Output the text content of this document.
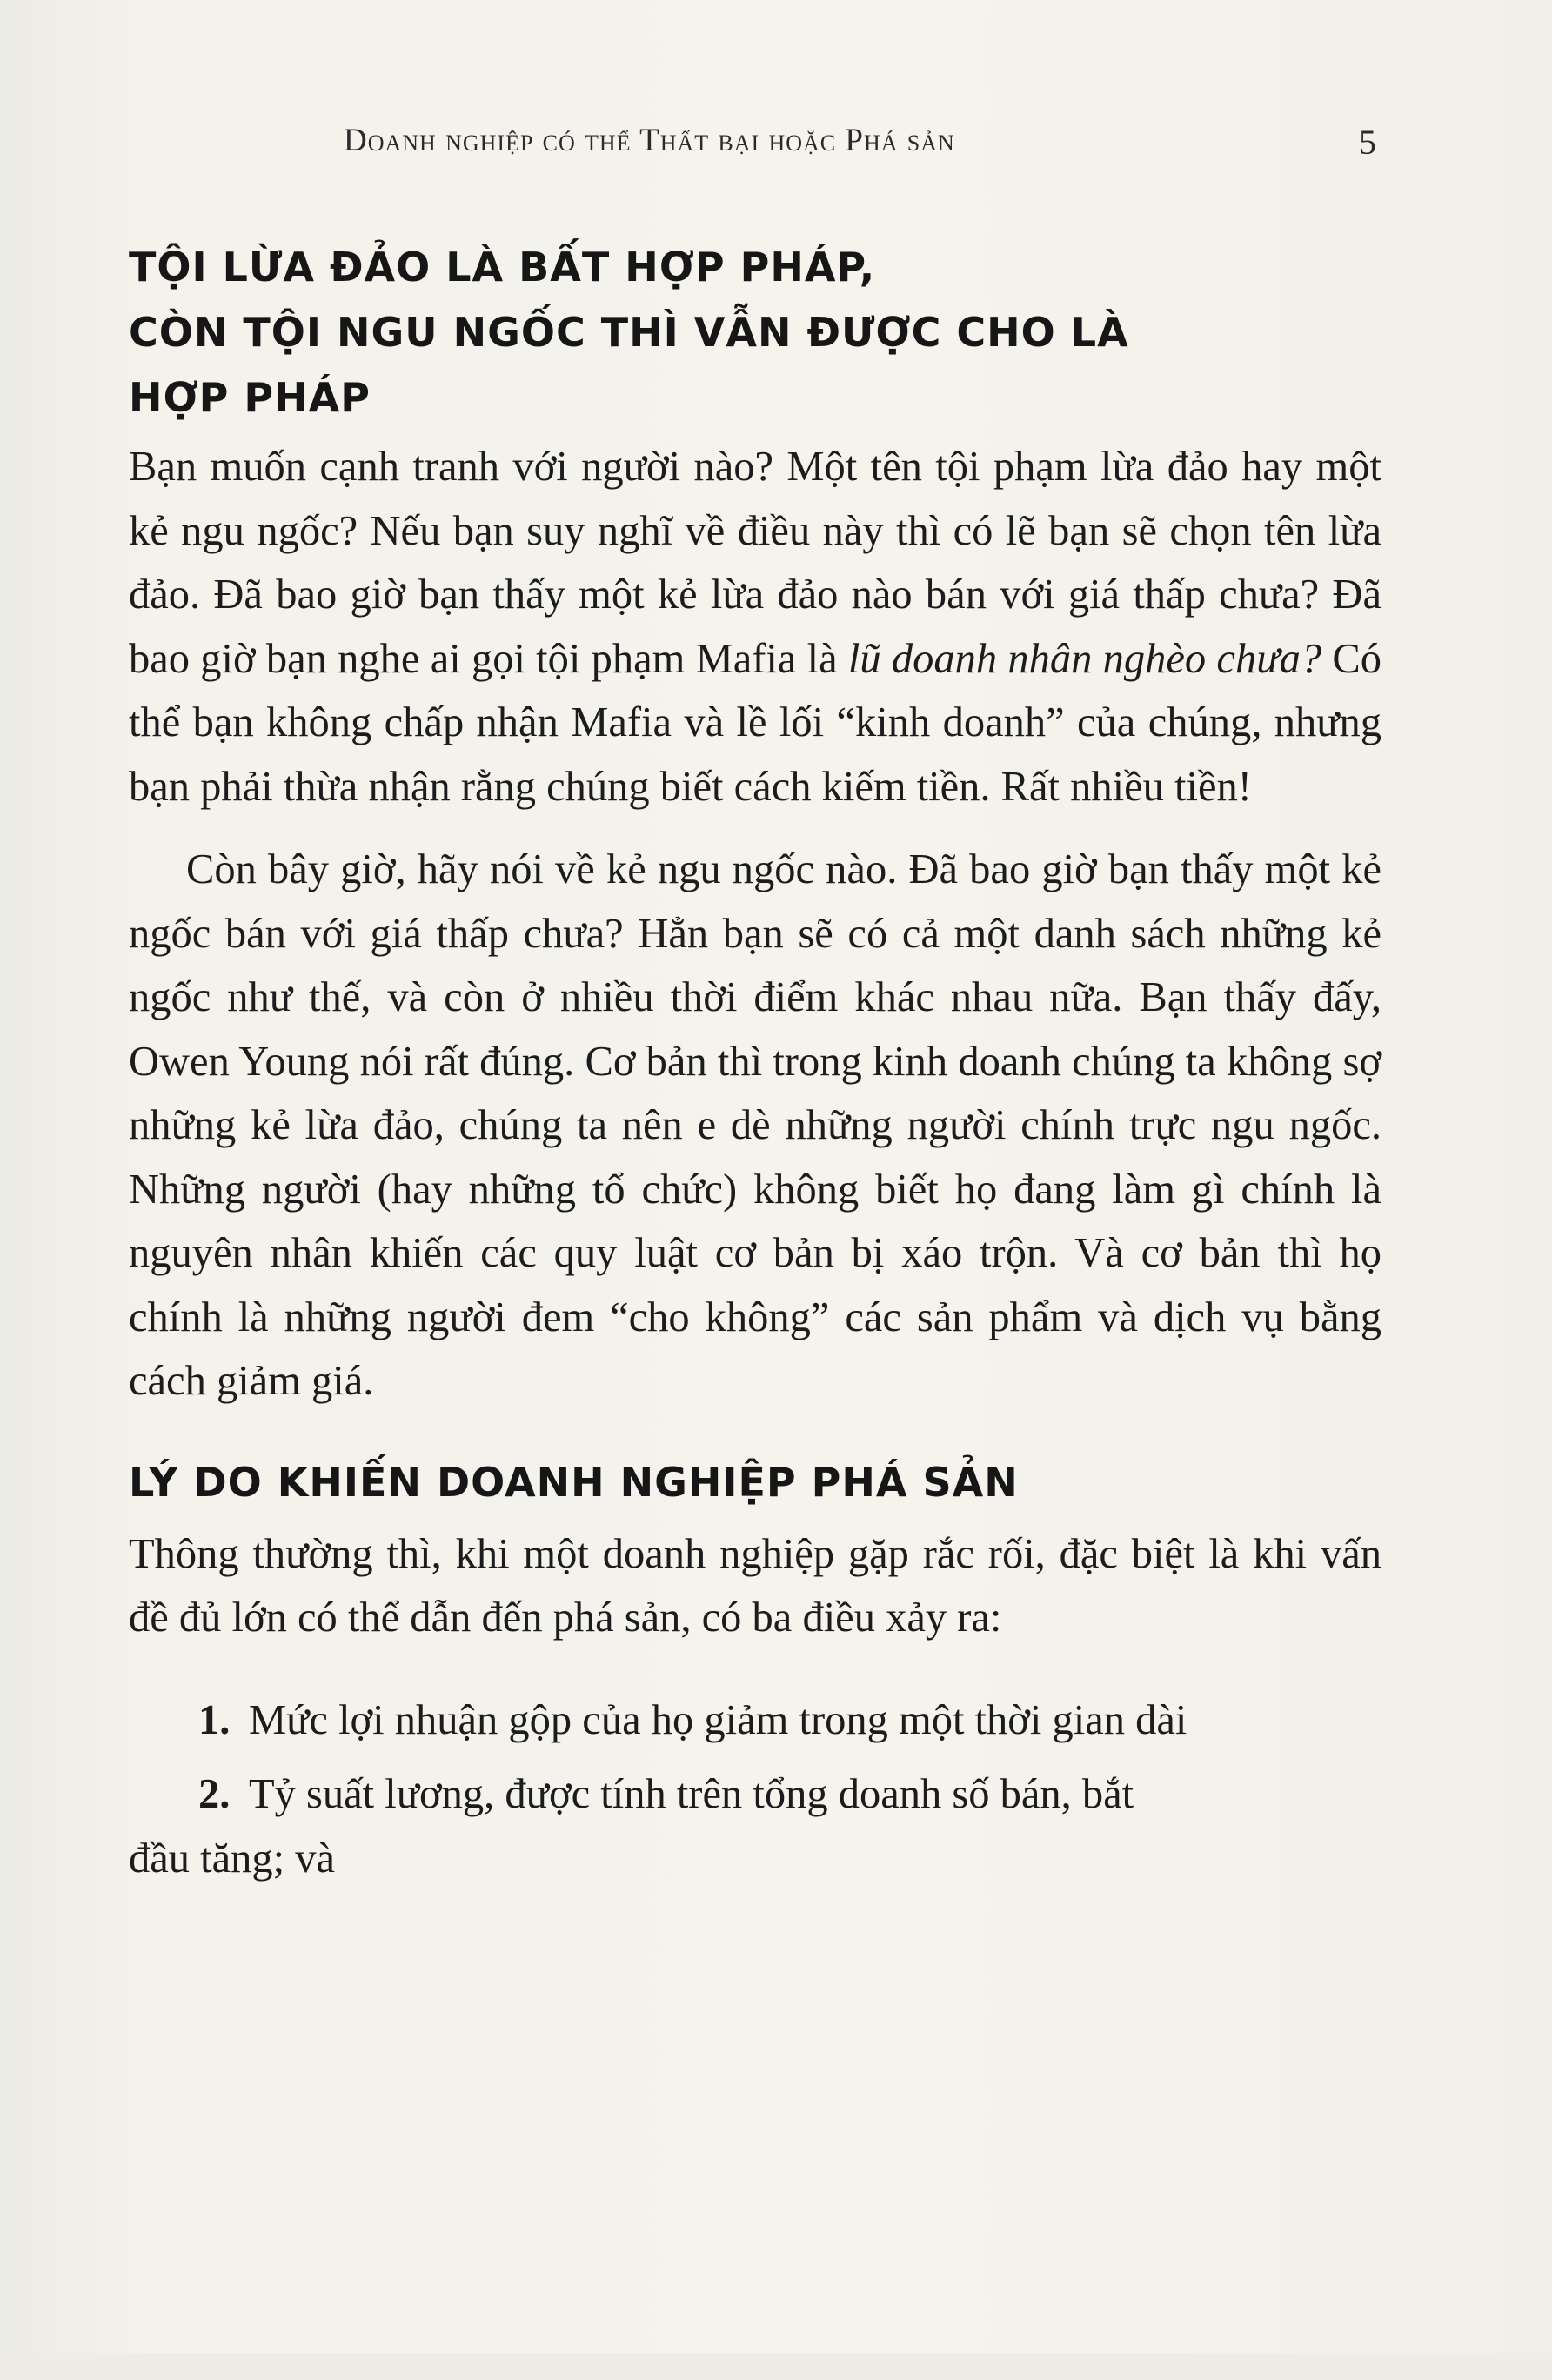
Doanh nghiệp có thể Thất bại hoặc Phá sản	5
TỘI LỪA ĐẢO LÀ BẤT HỢP PHÁP,
CÒN TỘI NGU NGỐC THÌ VẪN ĐƯỢC CHO LÀ
HỢP PHÁP

Bạn muốn cạnh tranh với người nào? Một tên tội phạm lừa đảo hay một kẻ ngu ngốc? Nếu bạn suy nghĩ về điều này thì có lẽ bạn sẽ chọn tên lừa đảo. Đã bao giờ bạn thấy một kẻ lừa đảo nào bán với giá thấp chưa? Đã bao giờ bạn nghe ai gọi tội phạm Mafia là lũ doanh nhân nghèo chưa? Có thể bạn không chấp nhận Mafia và lề lối “kinh doanh” của chúng, nhưng bạn phải thừa nhận rằng chúng biết cách kiếm tiền. Rất nhiều tiền!

Còn bây giờ, hãy nói về kẻ ngu ngốc nào. Đã bao giờ bạn thấy một kẻ ngốc bán với giá thấp chưa? Hẳn bạn sẽ có cả một danh sách những kẻ ngốc như thế, và còn ở nhiều thời điểm khác nhau nữa. Bạn thấy đấy, Owen Young nói rất đúng. Cơ bản thì trong kinh doanh chúng ta không sợ những kẻ lừa đảo, chúng ta nên e dè những người chính trực ngu ngốc. Những người (hay những tổ chức) không biết họ đang làm gì chính là nguyên nhân khiến các quy luật cơ bản bị xáo trộn. Và cơ bản thì họ chính là những người đem “cho không” các sản phẩm và dịch vụ bằng cách giảm giá.

LÝ DO KHIẾN DOANH NGHIỆP PHÁ SẢN

Thông thường thì, khi một doanh nghiệp gặp rắc rối, đặc biệt là khi vấn đề đủ lớn có thể dẫn đến phá sản, có ba điều xảy ra:

1. Mức lợi nhuận gộp của họ giảm trong một thời gian dài
2. Tỷ suất lương, được tính trên tổng doanh số bán, bắt
đầu tăng; và
